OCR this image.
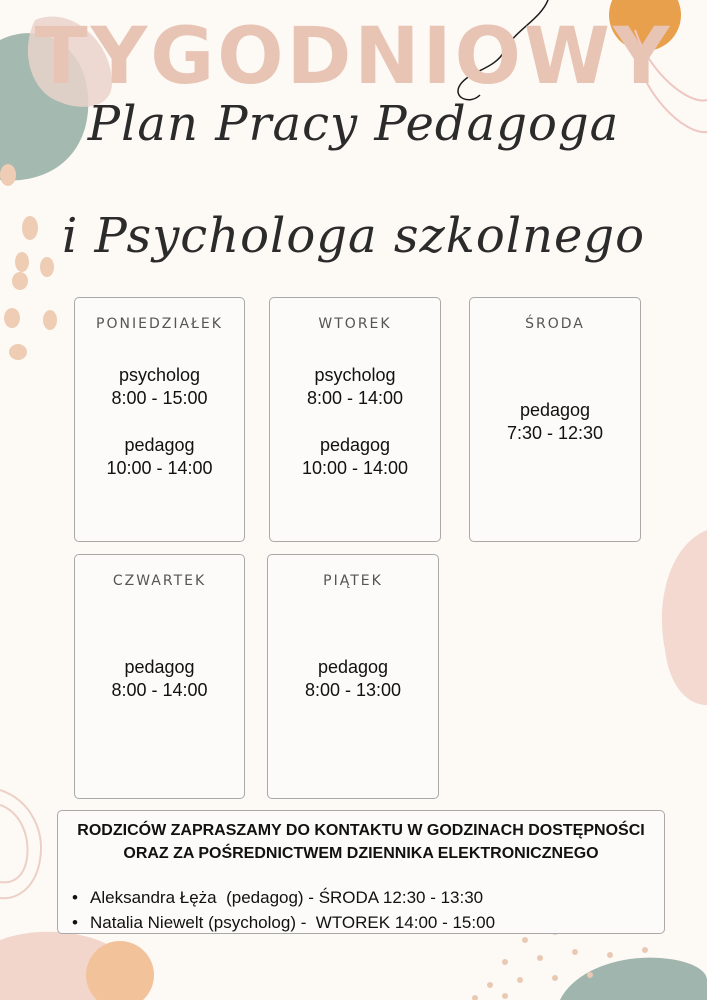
TYGODNIOWY
Plan Pracy Pedagoga
i Psychologa szkolnego
PONIEDZIAŁEK
psycholog
8:00 - 15:00
pedagog
10:00 - 14:00
WTOREK
psycholog
8:00 - 14:00
pedagog
10:00 - 14:00
ŚRODA
pedagog
7:30 - 12:30
CZWARTEK
pedagog
8:00 - 14:00
PIĄTEK
pedagog
8:00 - 13:00
RODZICÓW ZAPRASZAMY DO KONTAKTU W GODZINACH DOSTĘPNOŚCI
ORAZ ZA POŚREDNICTWEM DZIENNIKA ELEKTRONICZNEGO
• Aleksandra Łęża  (pedagog) - ŚRODA 12:30 - 13:30
• Natalia Niewelt (psycholog) -  WTOREK 14:00 - 15:00
